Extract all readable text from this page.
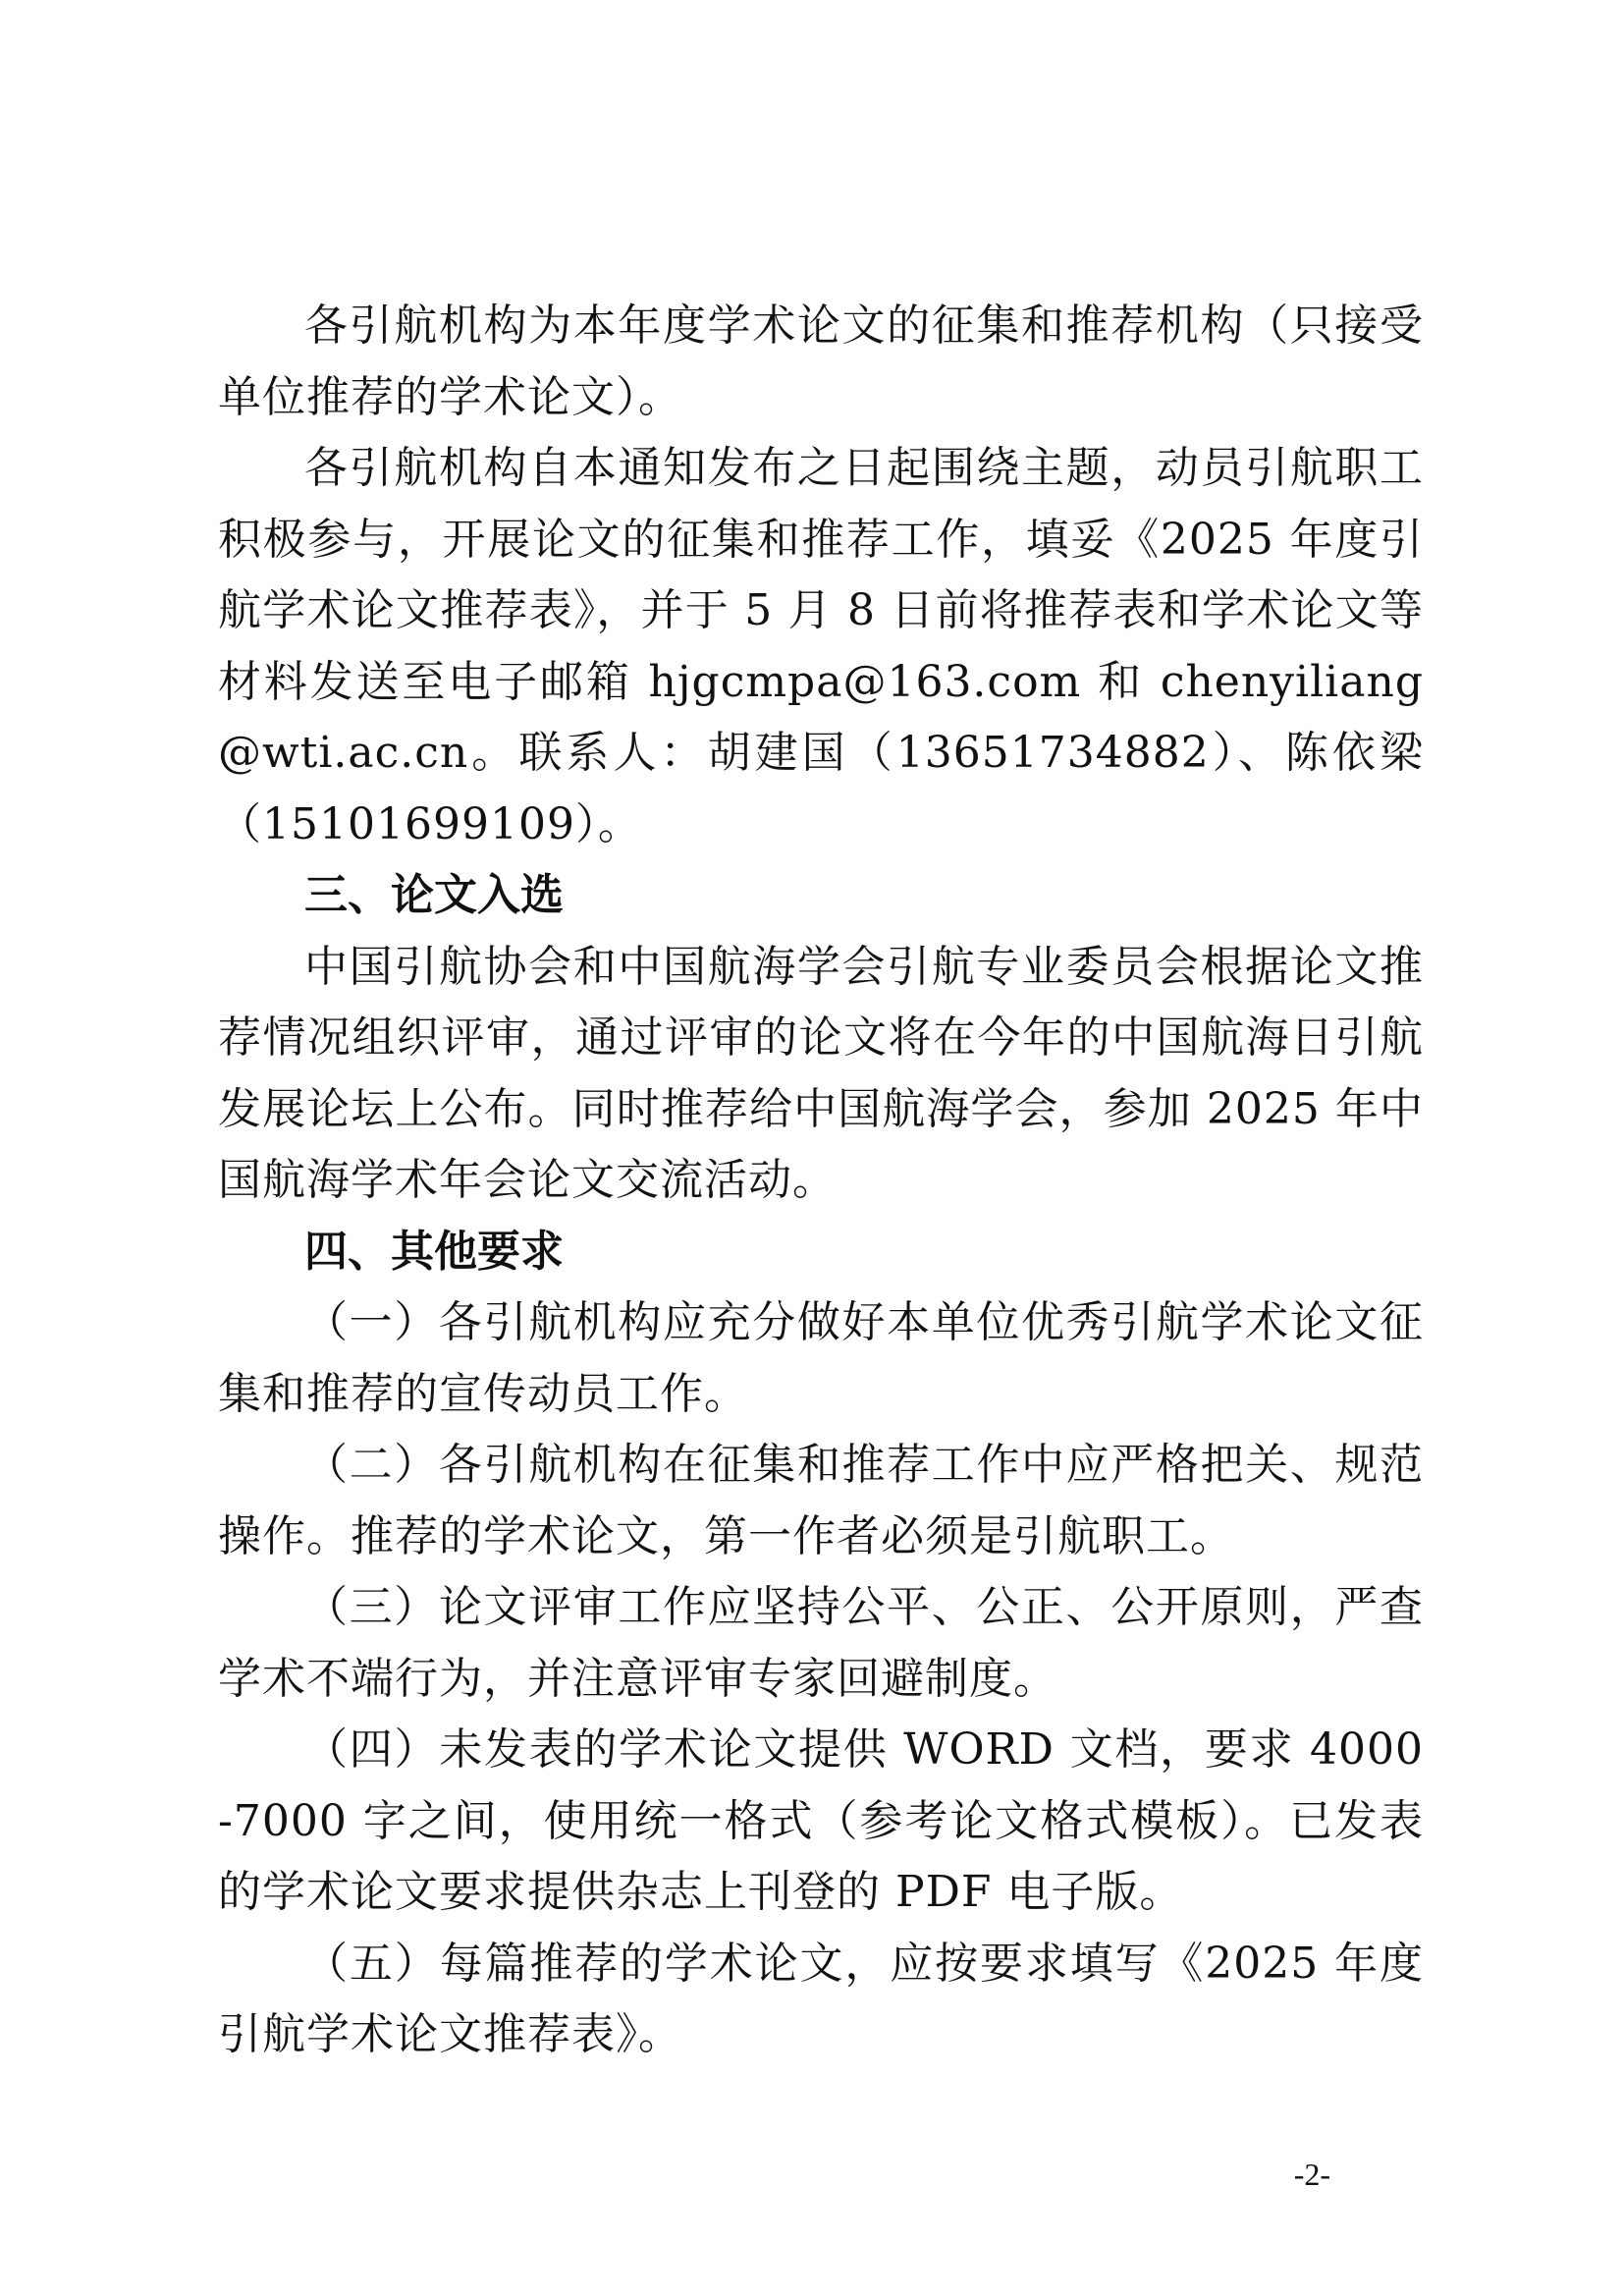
各引航机构为本年度学术论文的征集和推荐机构（只接受单位推荐的学术论文）。

各引航机构自本通知发布之日起围绕主题，动员引航职工积极参与，开展论文的征集和推荐工作，填妥《2025 年度引航学术论文推荐表》，并于 5 月 8 日前将推荐表和学术论文等材料发送至电子邮箱 hjgcmpa@163.com 和 chenyiliang@wti.ac.cn。联系人：胡建国（13651734882）、陈依梁（15101699109）。

三、论文入选

中国引航协会和中国航海学会引航专业委员会根据论文推荐情况组织评审，通过评审的论文将在今年的中国航海日引航发展论坛上公布。同时推荐给中国航海学会，参加 2025 年中国航海学术年会论文交流活动。

四、其他要求

（一）各引航机构应充分做好本单位优秀引航学术论文征集和推荐的宣传动员工作。

（二）各引航机构在征集和推荐工作中应严格把关、规范操作。推荐的学术论文，第一作者必须是引航职工。

（三）论文评审工作应坚持公平、公正、公开原则，严查学术不端行为，并注意评审专家回避制度。

（四）未发表的学术论文提供 WORD 文档，要求 4000-7000 字之间，使用统一格式（参考论文格式模板）。已发表的学术论文要求提供杂志上刊登的 PDF 电子版。

（五）每篇推荐的学术论文，应按要求填写《2025 年度引航学术论文推荐表》。

-2-
